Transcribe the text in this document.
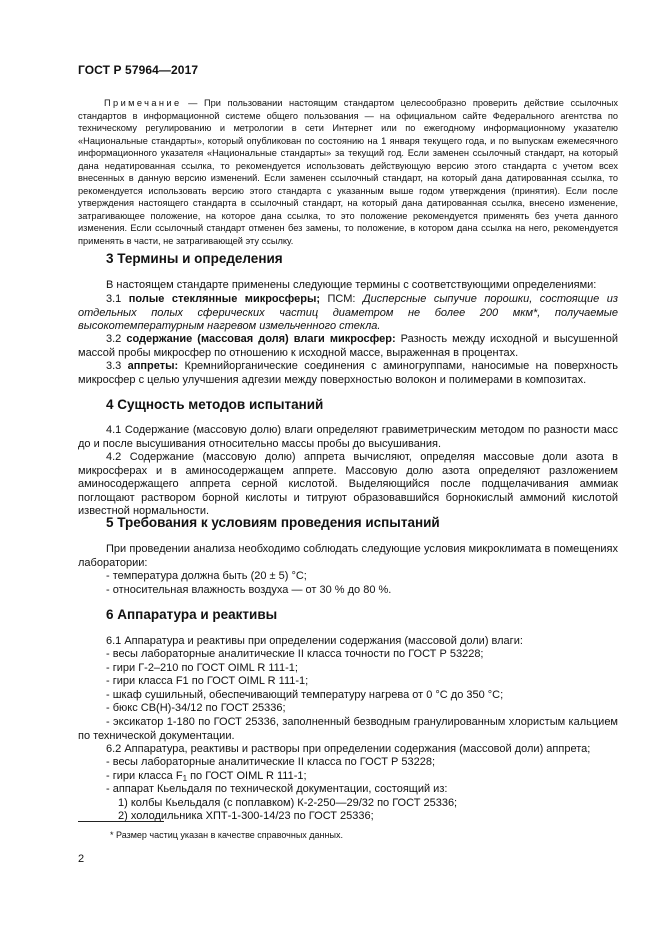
ГОСТ Р 57964—2017
Примечание — При пользовании настоящим стандартом целесообразно проверить действие ссылочных стандартов в информационной системе общего пользования — на официальном сайте Федерального агентства по техническому регулированию и метрологии в сети Интернет или по ежегодному информационному указателю «Национальные стандарты», который опубликован по состоянию на 1 января текущего года, и по выпускам ежемесячного информационного указателя «Национальные стандарты» за текущий год. Если заменен ссылочный стандарт, на который дана недатированная ссылка, то рекомендуется использовать действующую версию этого стандарта с учетом всех внесенных в данную версию изменений. Если заменен ссылочный стандарт, на который дана датированная ссылка, то рекомендуется использовать версию этого стандарта с указанным выше годом утверждения (принятия). Если после утверждения настоящего стандарта в ссылочный стандарт, на который дана датированная ссылка, внесено изменение, затрагивающее положение, на которое дана ссылка, то это положение рекомендуется применять без учета данного изменения. Если ссылочный стандарт отменен без замены, то положение, в котором дана ссылка на него, рекомендуется применять в части, не затрагивающей эту ссылку.
3 Термины и определения
В настоящем стандарте применены следующие термины с соответствующими определениями:
3.1 полые стеклянные микросферы; ПСМ: Дисперсные сыпучие порошки, состоящие из отдельных полых сферических частиц диаметром не более 200 мкм*, получаемые высокотемпературным нагревом измельченного стекла.
3.2 содержание (массовая доля) влаги микросфер: Разность между исходной и высушенной массой пробы микросфер по отношению к исходной массе, выраженная в процентах.
3.3 аппреты: Кремнийорганические соединения с аминогруппами, наносимые на поверхность микросфер с целью улучшения адгезии между поверхностью волокон и полимерами в композитах.
4 Сущность методов испытаний
4.1 Содержание (массовую долю) влаги определяют гравиметрическим методом по разности масс до и после высушивания относительно массы пробы до высушивания.
4.2 Содержание (массовую долю) аппрета вычисляют, определяя массовые доли азота в микросферах и в аминосодержащем аппрете. Массовую долю азота определяют разложением аминосодержащего аппрета серной кислотой. Выделяющийся после подщелачивания аммиак поглощают раствором борной кислоты и титруют образовавшийся борнокислый аммоний кислотой известной нормальности.
5 Требования к условиям проведения испытаний
При проведении анализа необходимо соблюдать следующие условия микроклимата в помещениях лаборатории:
- температура должна быть (20 ± 5) °С;
- относительная влажность воздуха — от 30 % до 80 %.
6 Аппаратура и реактивы
6.1 Аппаратура и реактивы при определении содержания (массовой доли) влаги:
- весы лабораторные аналитические II класса точности по ГОСТ Р 53228;
- гири Г-2–210 по ГОСТ OIML R 111-1;
- гири класса F1 по ГОСТ OIML R 111-1;
- шкаф сушильный, обеспечивающий температуру нагрева от 0 °С до 350 °С;
- бюкс СВ(Н)-34/12 по ГОСТ 25336;
- эксикатор 1-180 по ГОСТ 25336, заполненный безводным гранулированным хлористым кальцием по технической документации.
6.2 Аппаратура, реактивы и растворы при определении содержания (массовой доли) аппрета;
- весы лабораторные аналитические II класса по ГОСТ Р 53228;
- гири класса F1 по ГОСТ OIML R 111-1;
- аппарат Кьельдаля по технической документации, состоящий из:
1) колбы Кьельдаля (с поплавком) К-2-250—29/32 по ГОСТ 25336;
2) холодильника ХПТ-1-300-14/23 по ГОСТ 25336;
* Размер частиц указан в качестве справочных данных.
2
